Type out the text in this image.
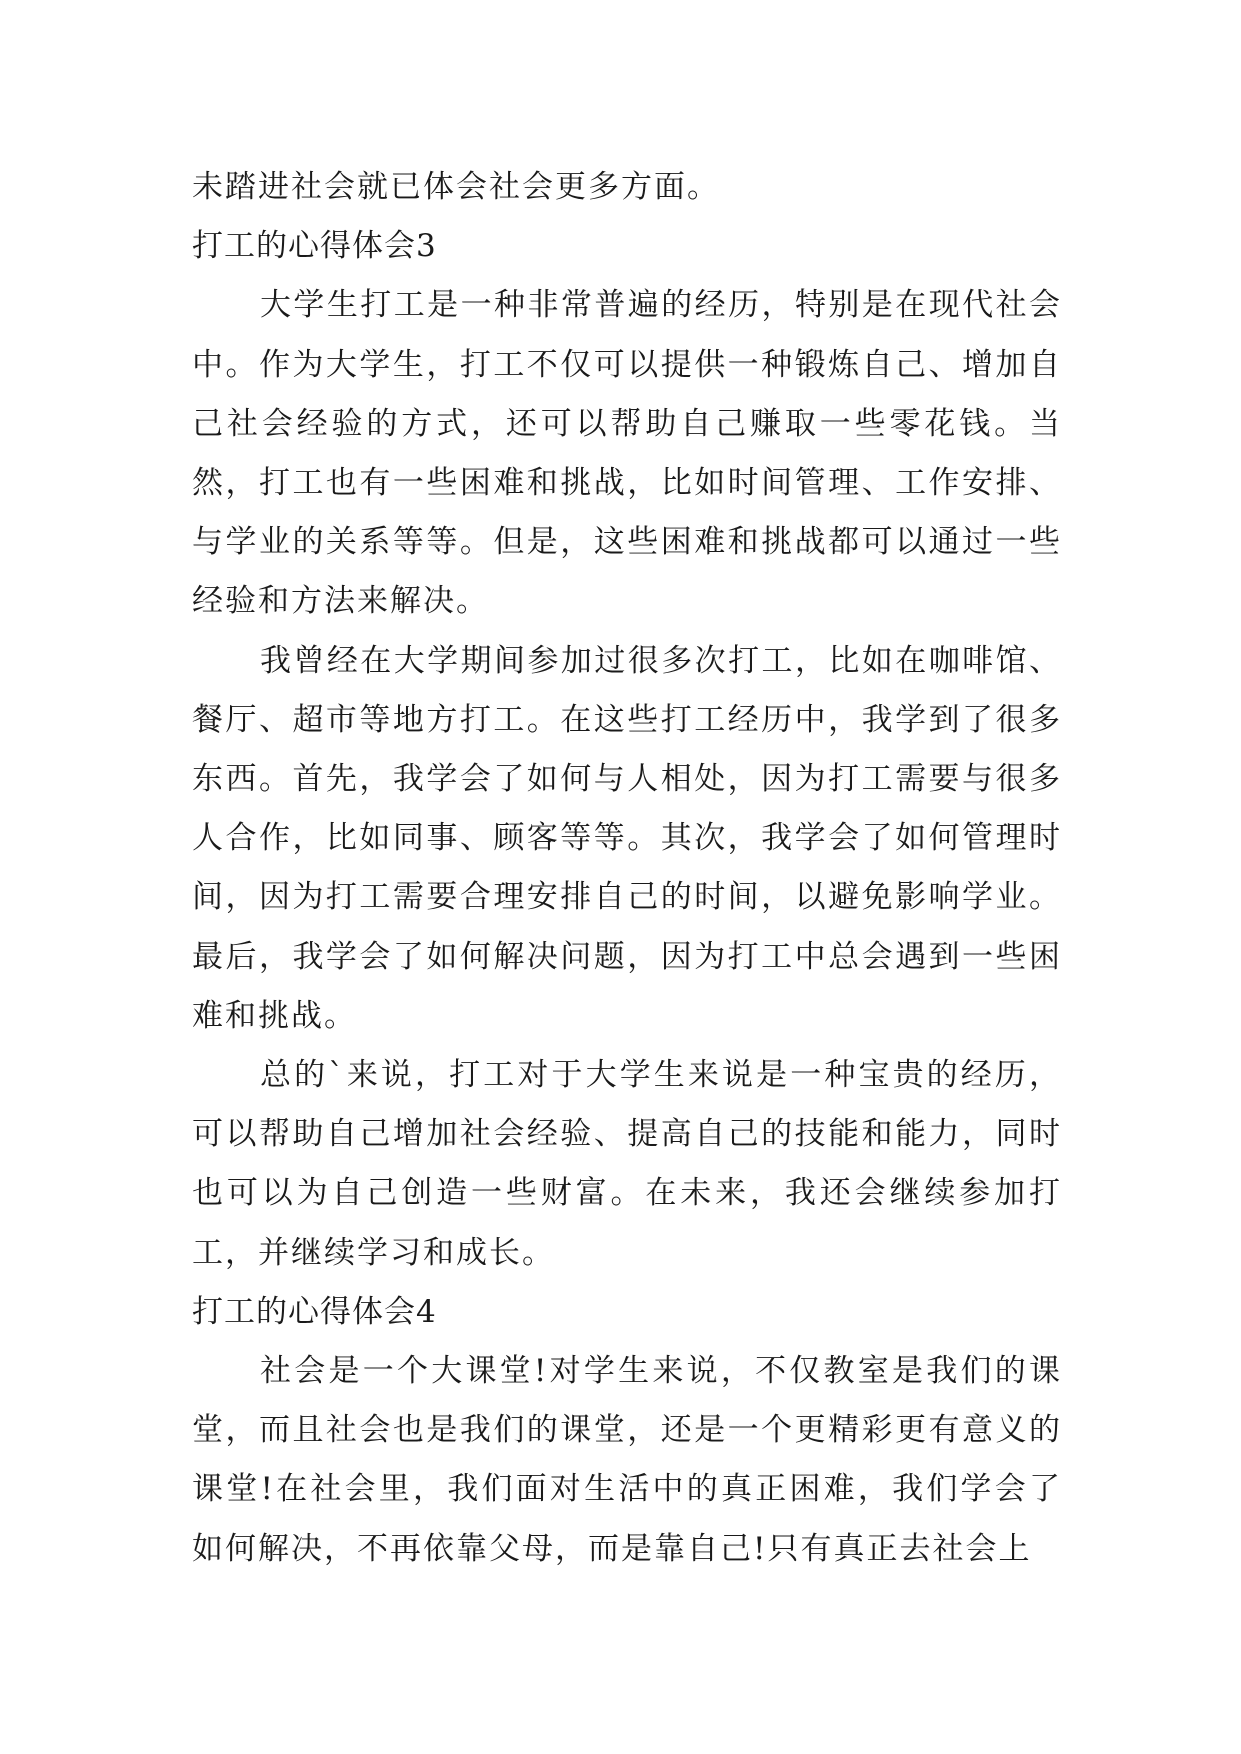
未踏进社会就已体会社会更多方面。

打工的心得体会3

大学生打工是一种非常普遍的经历，特别是在现代社会中。作为大学生，打工不仅可以提供一种锻炼自己、增加自己社会经验的方式，还可以帮助自己赚取一些零花钱。当然，打工也有一些困难和挑战，比如时间管理、工作安排、与学业的关系等等。但是，这些困难和挑战都可以通过一些经验和方法来解决。

我曾经在大学期间参加过很多次打工，比如在咖啡馆、餐厅、超市等地方打工。在这些打工经历中，我学到了很多东西。首先，我学会了如何与人相处，因为打工需要与很多人合作，比如同事、顾客等等。其次，我学会了如何管理时间，因为打工需要合理安排自己的时间，以避免影响学业。最后，我学会了如何解决问题，因为打工中总会遇到一些困难和挑战。

总的`来说，打工对于大学生来说是一种宝贵的经历，可以帮助自己增加社会经验、提高自己的技能和能力，同时也可以为自己创造一些财富。在未来，我还会继续参加打工，并继续学习和成长。

打工的心得体会4

社会是一个大课堂!对学生来说，不仅教室是我们的课堂，而且社会也是我们的课堂，还是一个更精彩更有意义的课堂!在社会里，我们面对生活中的真正困难，我们学会了如何解决，不再依靠父母，而是靠自己!只有真正去社会上
